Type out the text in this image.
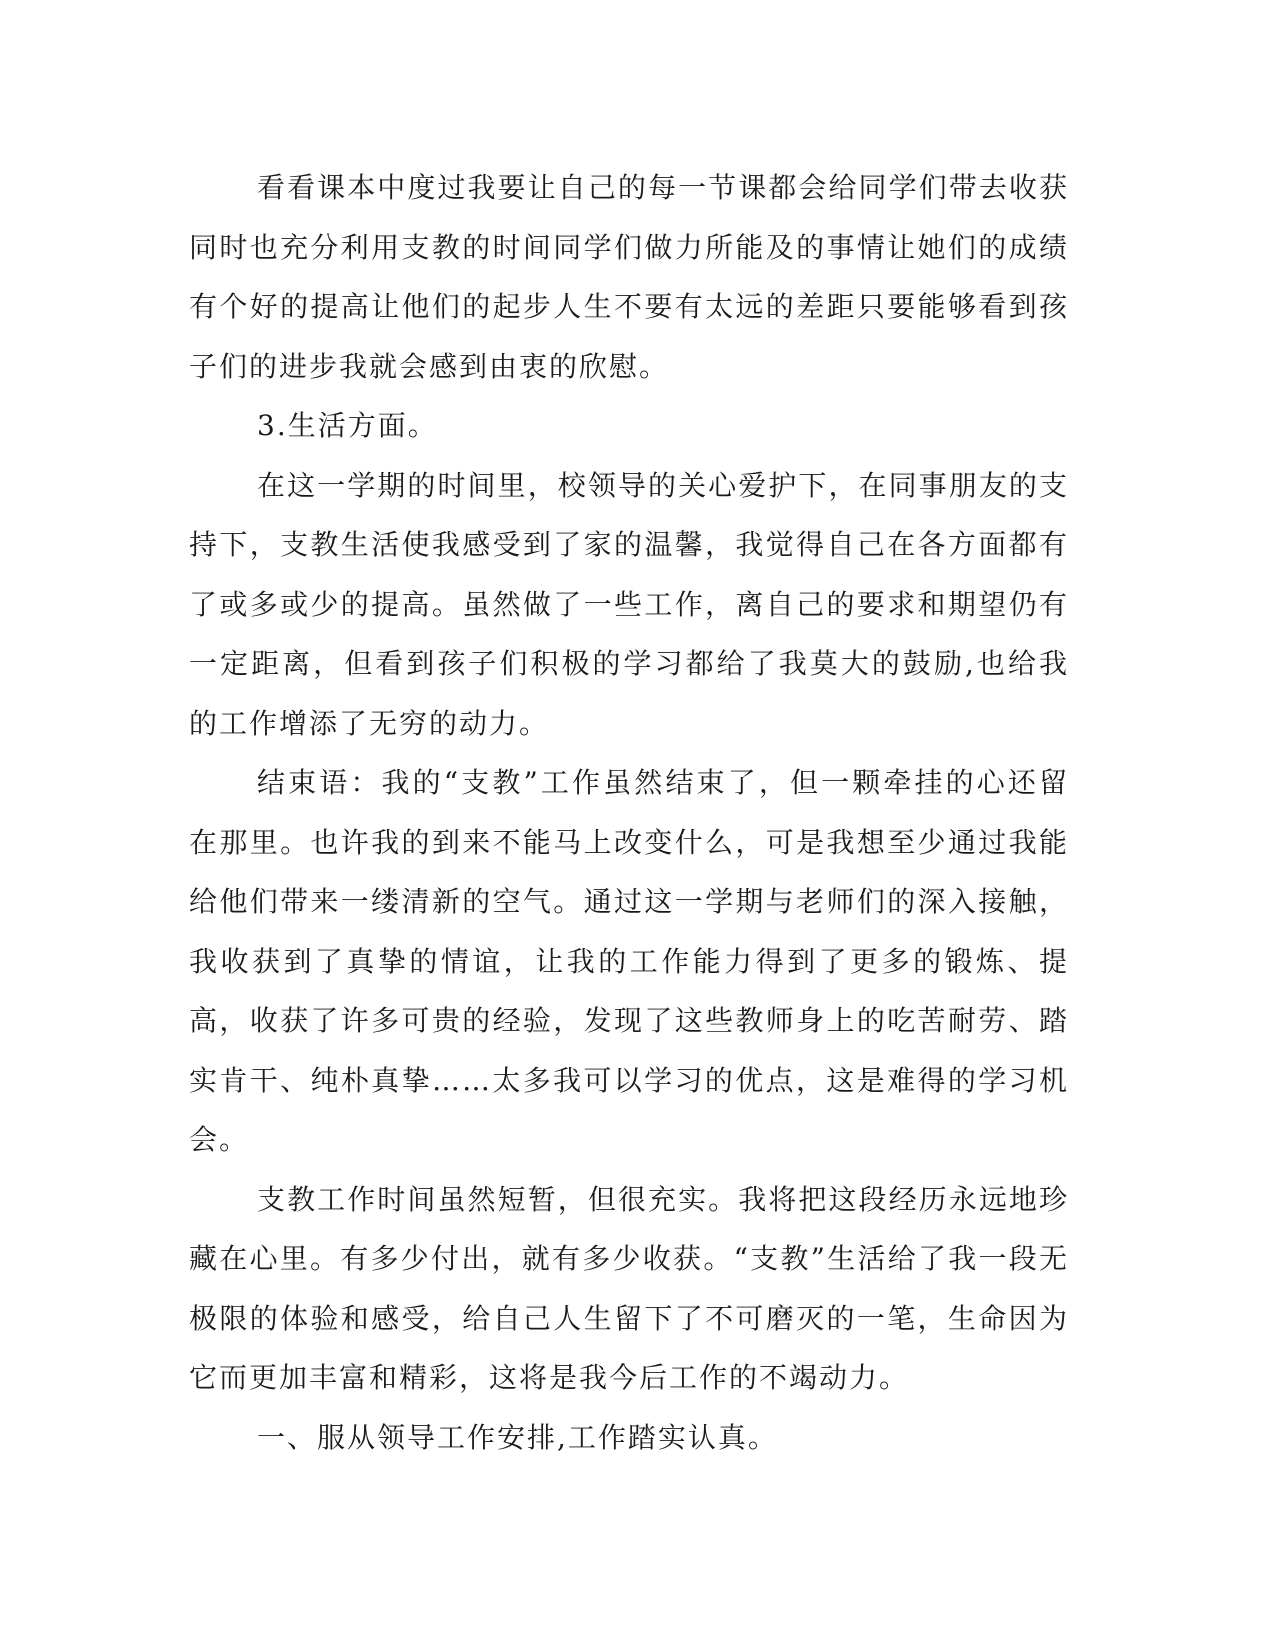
看看课本中度过我要让自己的每一节课都会给同学们带去收获同时也充分利用支教的时间同学们做力所能及的事情让她们的成绩有个好的提高让他们的起步人生不要有太远的差距只要能够看到孩子们的进步我就会感到由衷的欣慰。

3.生活方面。

在这一学期的时间里，校领导的关心爱护下，在同事朋友的支持下，支教生活使我感受到了家的温馨，我觉得自己在各方面都有了或多或少的提高。虽然做了一些工作，离自己的要求和期望仍有一定距离，但看到孩子们积极的学习都给了我莫大的鼓励,也给我的工作增添了无穷的动力。

结束语：我的“支教”工作虽然结束了，但一颗牵挂的心还留在那里。也许我的到来不能马上改变什么，可是我想至少通过我能给他们带来一缕清新的空气。通过这一学期与老师们的深入接触，我收获到了真挚的情谊，让我的工作能力得到了更多的锻炼、提高，收获了许多可贵的经验，发现了这些教师身上的吃苦耐劳、踏实肯干、纯朴真挚……太多我可以学习的优点，这是难得的学习机会。

支教工作时间虽然短暂，但很充实。我将把这段经历永远地珍藏在心里。有多少付出，就有多少收获。“支教”生活给了我一段无极限的体验和感受，给自己人生留下了不可磨灭的一笔，生命因为它而更加丰富和精彩，这将是我今后工作的不竭动力。

一、服从领导工作安排,工作踏实认真。
